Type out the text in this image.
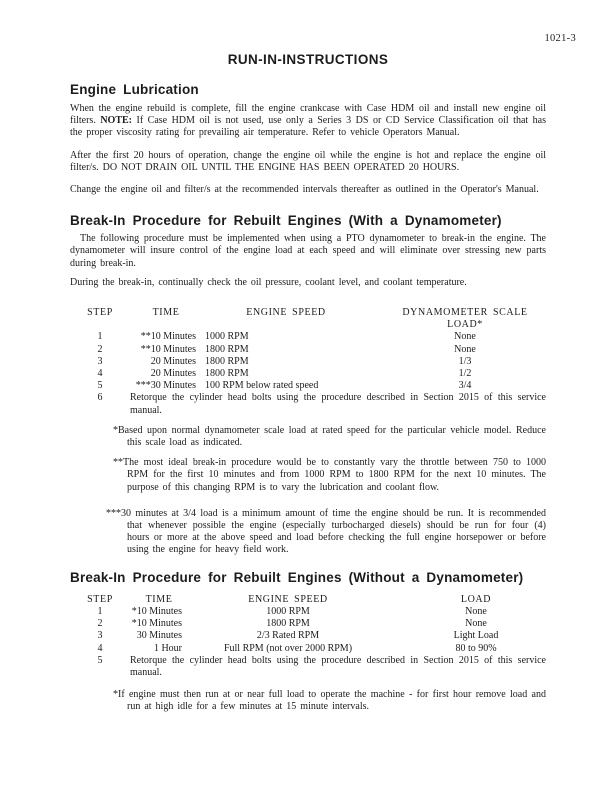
1021-3
RUN-IN-INSTRUCTIONS
Engine Lubrication

When the engine rebuild is complete, fill the engine crankcase with Case HDM oil and install new engine oil filters. NOTE: If Case HDM oil is not used, use only a Series 3 DS or CD Service Classification oil that has the proper viscosity rating for prevailing air temperature. Refer to vehicle Operators Manual.

After the first 20 hours of operation, change the engine oil while the engine is hot and replace the engine oil filter/s. DO NOT DRAIN OIL UNTIL THE ENGINE HAS BEEN OPERATED 20 HOURS.

Change the engine oil and filter/s at the recommended intervals thereafter as outlined in the Operator's Manual.

Break-In Procedure for Rebuilt Engines (With a Dynamometer)

The following procedure must be implemented when using a PTO dynamometer to break-in the engine. The dynamometer will insure control of the engine load at each speed and will eliminate over stressing new parts during break-in.

During the break-in, continually check the oil pressure, coolant level, and coolant temperature.

STEP	TIME	ENGINE SPEED	DYNAMOMETER SCALE LOAD*
1	**10 Minutes	1000 RPM	None
2	**10 Minutes	1800 RPM	None
3	20 Minutes	1800 RPM	1/3
4	20 Minutes	1800 RPM	1/2
5	***30 Minutes	100 RPM below rated speed	3/4
6	Retorque the cylinder head bolts using the procedure described in Section 2015 of this service manual.		

*Based upon normal dynamometer scale load at rated speed for the particular vehicle model. Reduce this scale load as indicated.

**The most ideal break-in procedure would be to constantly vary the throttle between 750 to 1000 RPM for the first 10 minutes and from 1000 RPM to 1800 RPM for the next 10 minutes. The purpose of this changing RPM is to vary the lubrication and coolant flow.

***30 minutes at 3/4 load is a minimum amount of time the engine should be run. It is recommended that whenever possible the engine (especially turbocharged diesels) should be run for four (4) hours or more at the above speed and load before checking the full engine horsepower or before using the engine for heavy field work.

Break-In Procedure for Rebuilt Engines (Without a Dynamometer)
STEP	TIME	ENGINE SPEED	LOAD
1	*10 Minutes	1000 RPM	None
2	*10 Minutes	1800 RPM	None
3	30 Minutes	2/3 Rated RPM	Light Load
4	1 Hour	Full RPM (not over 2000 RPM)	80 to 90%
5	Retorque the cylinder head bolts using the procedure described in Section 2015 of this service manual.		

*If engine must then run at or near full load to operate the machine - for first hour remove load and run at high idle for a few minutes at 15 minute intervals.
